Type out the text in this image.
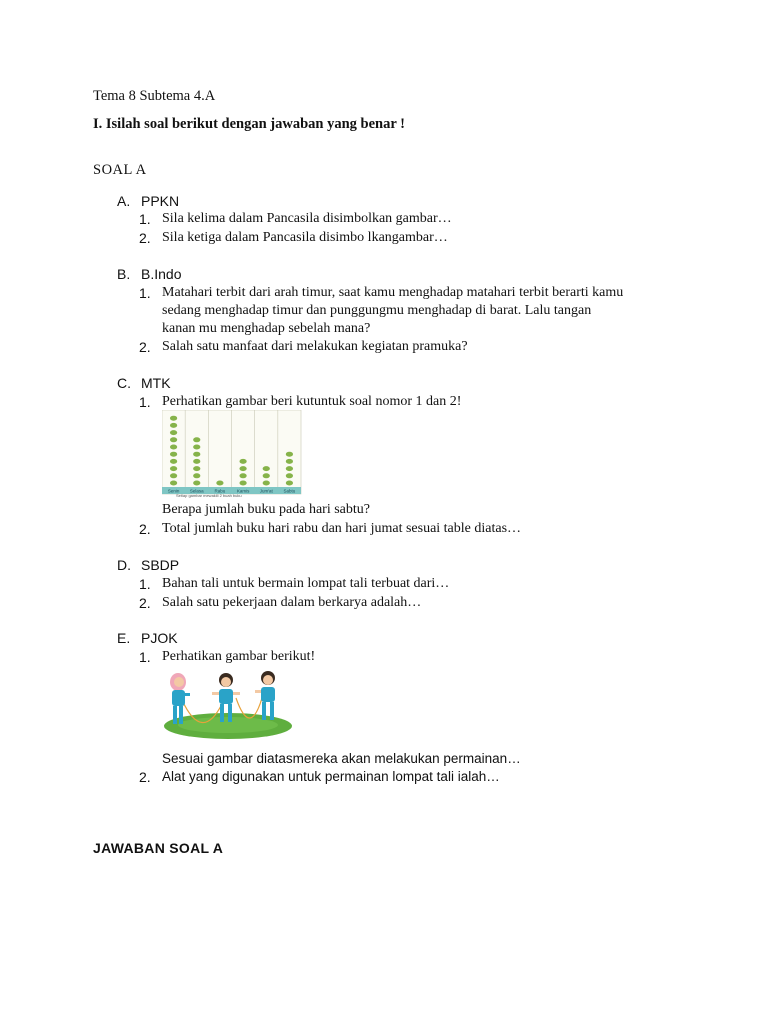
Tema 8 Subtema 4.A
I. Isilah soal berikut dengan jawaban yang benar !
SOAL A
A. PPKN
1. Sila kelima dalam Pancasila disimbolkan gambar…
2. Sila ketiga dalam Pancasila disimbo lkangambar…
B. B.Indo
1. Matahari terbit dari arah timur, saat kamu menghadap matahari terbit berarti kamu
sedang menghadap timur dan punggungmu menghadap di barat. Lalu tangan
kanan mu menghadap sebelah mana?
2. Salah satu manfaat dari melakukan kegiatan pramuka?
C. MTK
1. Perhatikan gambar beri kutuntuk soal nomor 1 dan 2!
Senin Selasa Rabu	Kamis Jum'at Sabtu
Setiap gambar mewakili 2 buah buku
Berapa jumlah buku pada hari sabtu?
2. Total jumlah buku hari rabu dan hari jumat sesuai table diatas…
D. SBDP
1. Bahan tali untuk bermain lompat tali terbuat dari…
2. Salah satu pekerjaan dalam berkarya adalah…
E. PJOK
1. Perhatikan gambar berikut!
Sesuai gambar diatasmereka akan melakukan permainan…
2. Alat yang digunakan untuk permainan lompat tali ialah…
JAWABAN SOAL A
